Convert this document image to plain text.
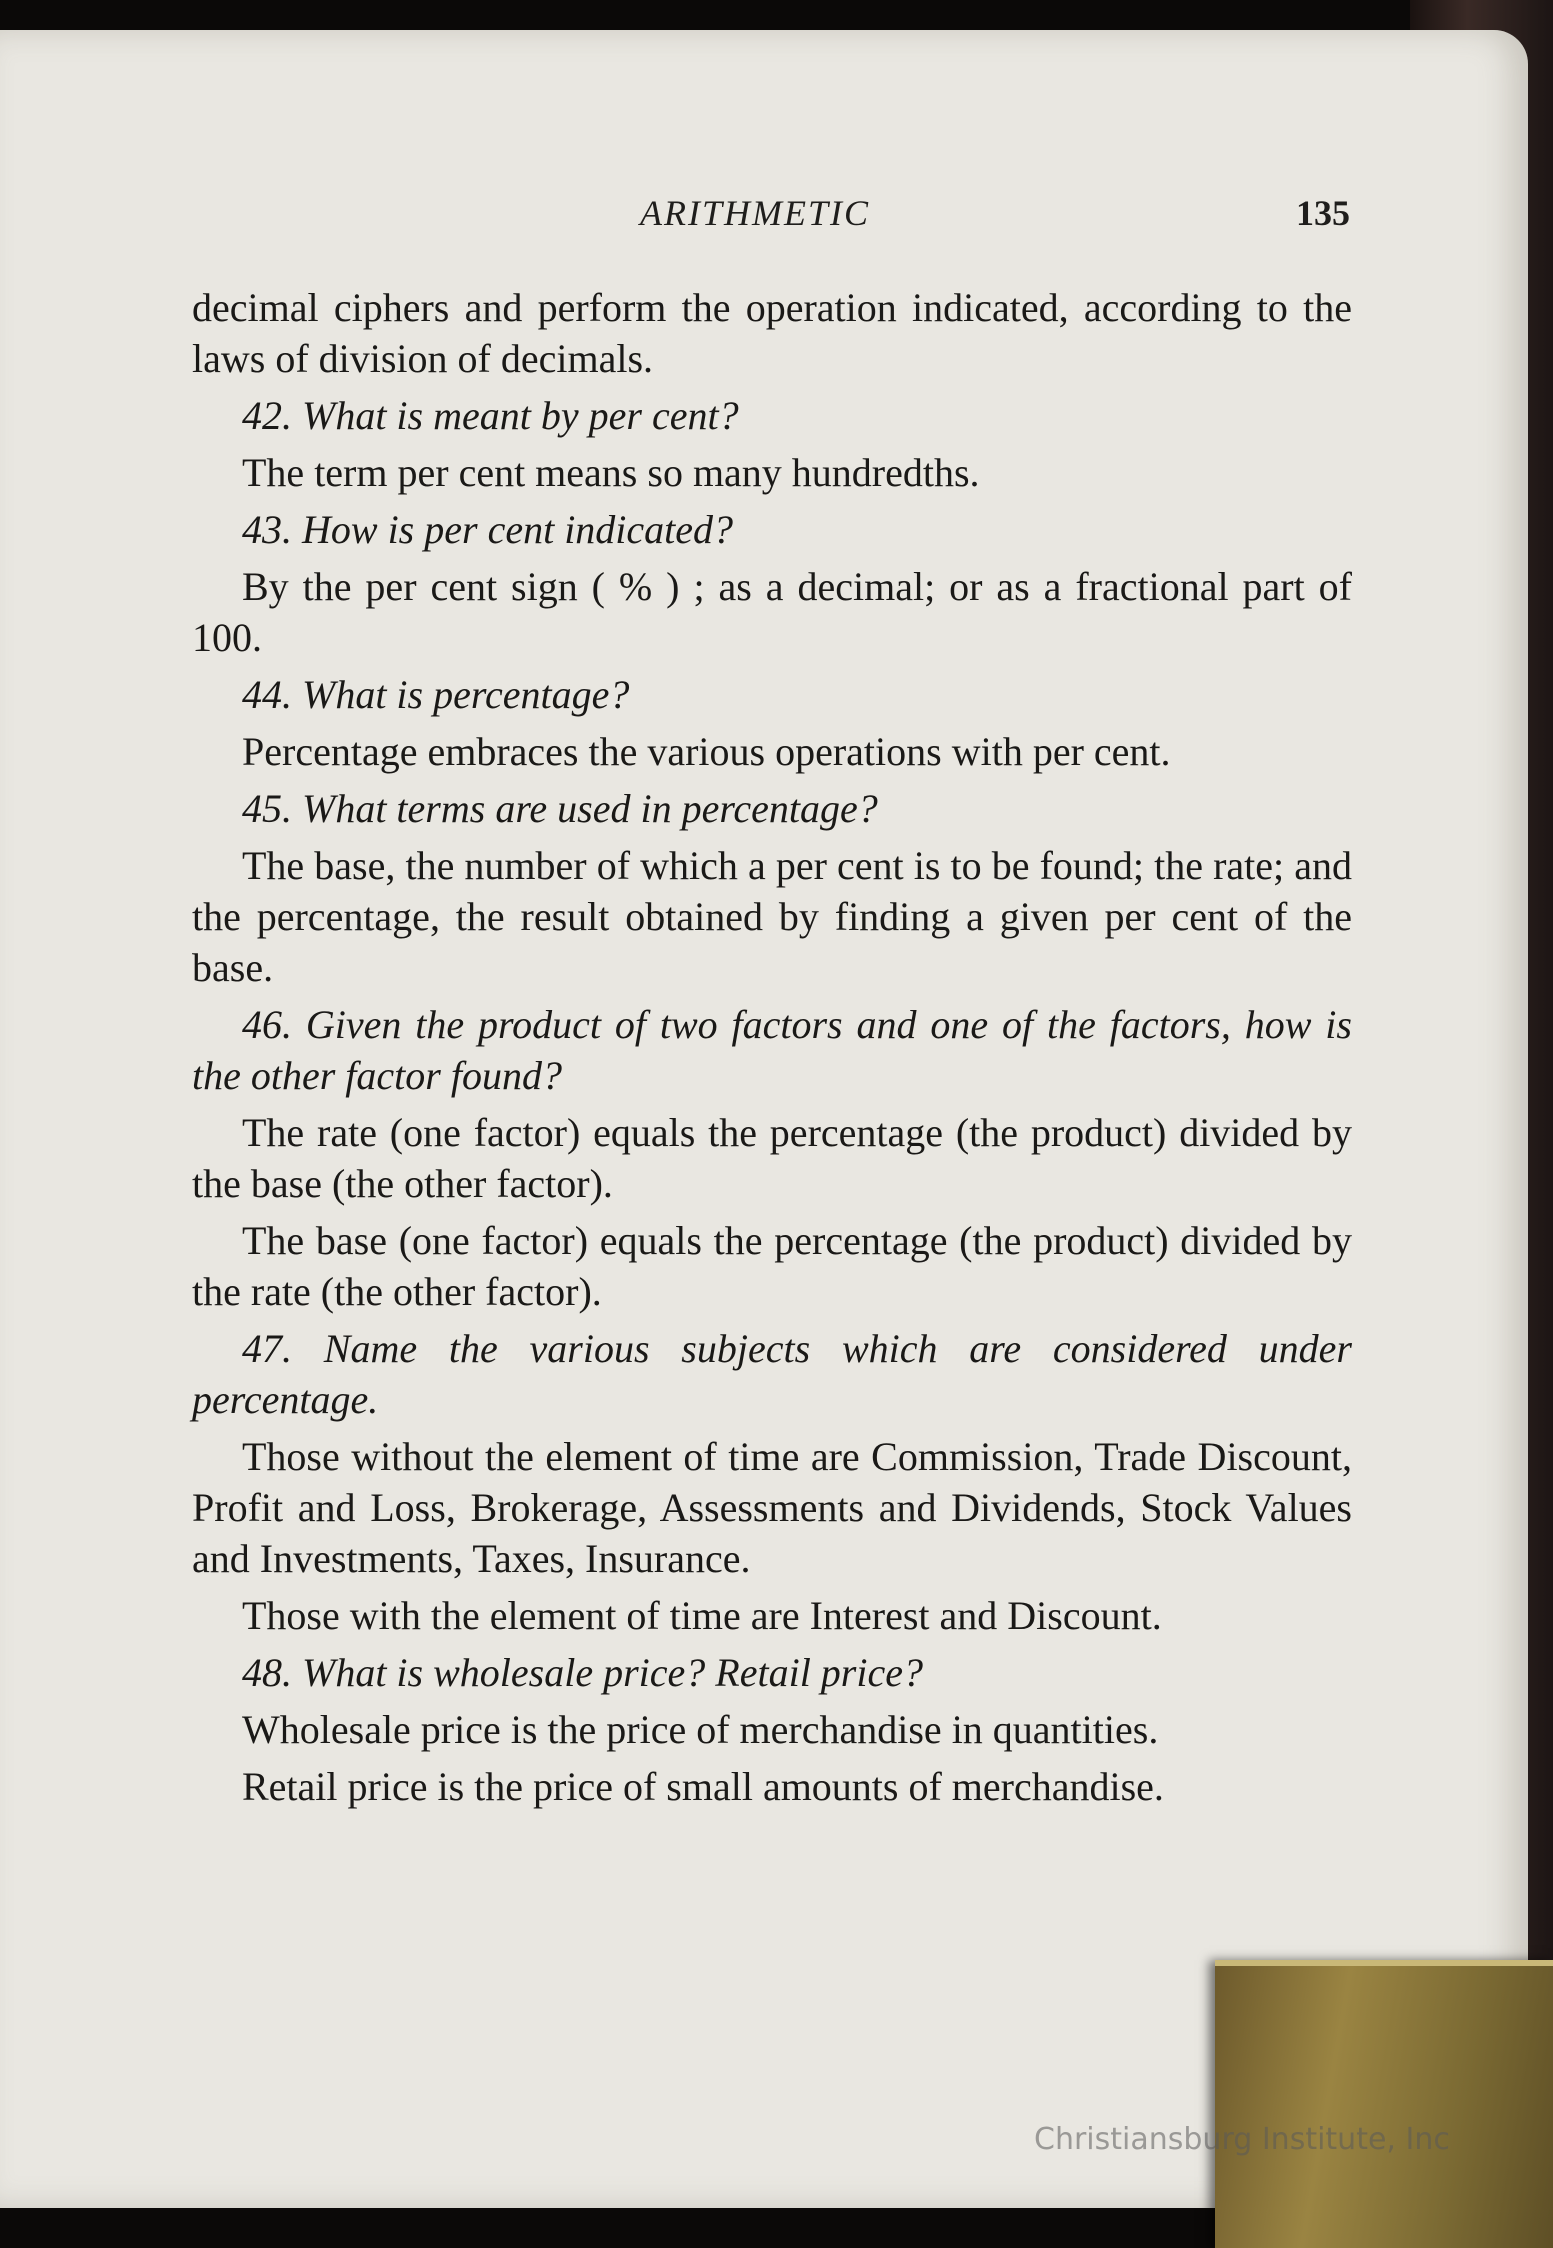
ARITHMETIC	135

decimal ciphers and perform the operation indicated, according to the laws of division of decimals.

42. What is meant by per cent?

The term per cent means so many hundredths.

43. How is per cent indicated?

By the per cent sign ( % ) ; as a decimal; or as a fractional part of 100.

44. What is percentage?

Percentage embraces the various operations with per cent.

45. What terms are used in percentage?

The base, the number of which a per cent is to be found; the rate; and the percentage, the result obtained by finding a given per cent of the base.

46. Given the product of two factors and one of the factors, how is the other factor found?

The rate (one factor) equals the percentage (the product) divided by the base (the other factor).

The base (one factor) equals the percentage (the product) divided by the rate (the other factor).

47. Name the various subjects which are considered under percentage.

Those without the element of time are Commission, Trade Discount, Profit and Loss, Brokerage, Assessments and Dividends, Stock Values and Investments, Taxes, Insurance.

Those with the element of time are Interest and Discount.

48. What is wholesale price? Retail price?

Wholesale price is the price of merchandise in quantities.

Retail price is the price of small amounts of merchandise.

Christiansburg Institute, Inc
